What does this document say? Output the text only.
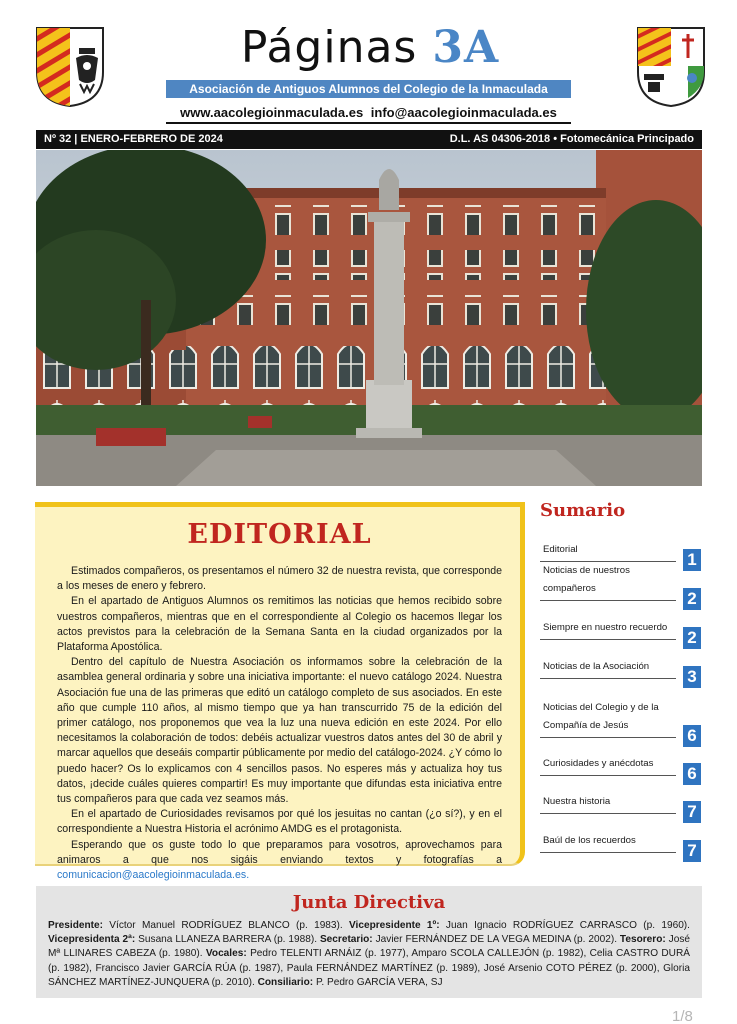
Páginas 3A
Asociación de Antiguos Alumnos del Colegio de la Inmaculada
www.aacolegioinmaculada.es info@aacolegioinmaculada.es
Nº 32 | ENERO-FEBRERO DE 2024	D.L. AS 04306-2018 • Fotomecánica Principado
EDITORIAL

Estimados compañeros, os presentamos el número 32 de nuestra revista, que corresponde a los meses de enero y febrero.

En el apartado de Antiguos Alumnos os remitimos las noticias que hemos recibido sobre vuestros compañeros, mientras que en el correspondiente al Colegio os hacemos llegar los actos previstos para la celebración de la Semana Santa en la ciudad organizados por la Plataforma Apostólica.

Dentro del capítulo de Nuestra Asociación os informamos sobre la celebración de la asamblea general ordinaria y sobre una iniciativa importante: el nuevo catálogo 2024. Nuestra Asociación fue una de las primeras que editó un catálogo completo de sus asociados. En este año que cumple 110 años, al mismo tiempo que ya han transcurrido 75 de la edición del primer catálogo, nos proponemos que vea la luz una nueva edición en este 2024. Por ello necesitamos la colaboración de todos: debéis actualizar vuestros datos antes del 30 de abril y marcar aquellos que deseáis compartir públicamente por medio del catálogo-2024. ¿Y cómo lo puedo hacer? Os lo explicamos con 4 sencillos pasos. No esperes más y actualiza hoy tus datos, ¡decide cuáles quieres compartir! Es muy importante que difundas esta iniciativa entre tus compañeros para que cada vez seamos más.

En el apartado de Curiosidades revisamos por qué los jesuitas no cantan (¿o sí?), y en el correspondiente a Nuestra Historia el acrónimo AMDG es el protagonista.

Esperando que os guste todo lo que preparamos para vosotros, aprovechamos para animaros a que nos sigáis enviando textos y fotografías a comunicacion@aacolegioinmaculada.es.

Sumario
Editorial
1
Noticias de nuestros compañeros
2
Siempre en nuestro recuerdo
2
Noticias de la Asociación
3
Noticias del Colegio y de la Compañía de Jesús
6
Curiosidades y anécdotas
6
Nuestra historia
7
Baúl de los recuerdos
7
Junta Directiva

Presidente: Víctor Manuel RODRÍGUEZ BLANCO (p. 1983). Vicepresidente 1º: Juan Ignacio RODRÍGUEZ CARRASCO (p. 1960). Vicepresidenta 2ª: Susana LLANEZA BARRERA (p. 1988). Secretario: Javier FERNÁNDEZ DE LA VEGA MEDINA (p. 2002). Tesorero: José Mª LLINARES CABEZA (p. 1980). Vocales: Pedro TELENTI ARNÁIZ (p. 1977), Amparo SCOLA CALLEJÓN (p. 1982), Celia CASTRO DURÁ (p. 1982), Francisco Javier GARCÍA RÚA (p. 1987), Paula FERNÁNDEZ MARTÍNEZ (p. 1989), José Arsenio COTO PÉREZ (p. 2000), Gloria SÁNCHEZ MARTÍNEZ-JUNQUERA (p. 2010). Consiliario: P. Pedro GARCÍA VERA, SJ

1/8
